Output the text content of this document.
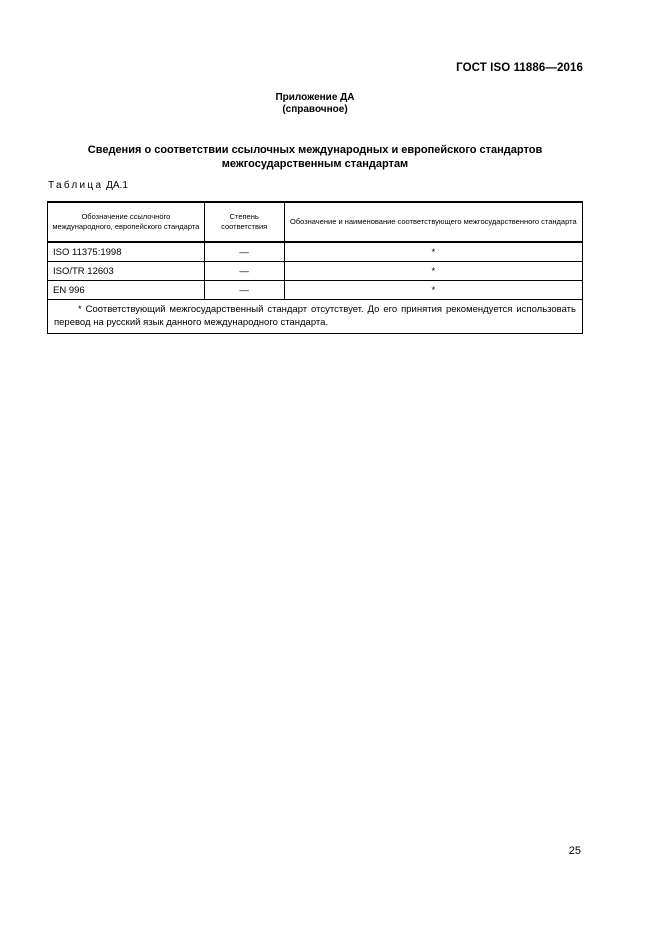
ГОСТ ISO 11886—2016
Приложение ДА
(справочное)
Сведения о соответствии ссылочных международных и европейского стандартов
межгосударственным стандартам
Таблица ДА.1
Обозначение ссылочного международного, европейского стандарта	Степень соответствия	Обозначение и наименование соответствующего межгосударственного стандарта
ISO 11375:1998	—	*
ISO/TR 12603	—	*
EN 996	—	*

* Соответствующий межгосударственный стандарт отсутствует. До его принятия рекомендуется использовать перевод на русский язык данного международного стандарта.		
25
